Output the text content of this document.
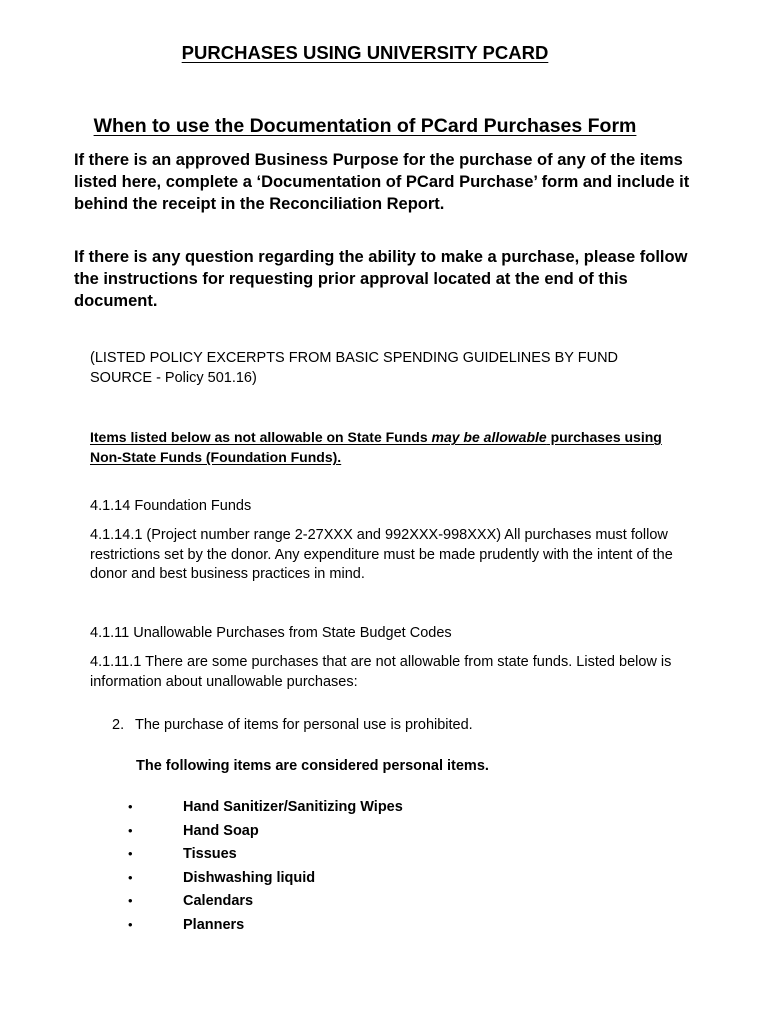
PURCHASES USING UNIVERSITY PCARD
When to use the Documentation of PCard Purchases Form
If there is an approved Business Purpose for the purchase of any of the items listed here, complete a ‘Documentation of PCard Purchase’ form and include it behind the receipt in the Reconciliation Report.
If there is any question regarding the ability to make a purchase, please follow the instructions for requesting prior approval located at the end of this document.
(LISTED POLICY EXCERPTS FROM BASIC SPENDING GUIDELINES BY FUND SOURCE - Policy 501.16)
Items listed below as not allowable on State Funds may be allowable purchases using Non-State Funds (Foundation Funds).
4.1.14 Foundation Funds
4.1.14.1 (Project number range 2-27XXX and 992XXX-998XXX) All purchases must follow restrictions set by the donor. Any expenditure must be made prudently with the intent of the donor and best business practices in mind.
4.1.11 Unallowable Purchases from State Budget Codes
4.1.11.1 There are some purchases that are not allowable from state funds. Listed below is information about unallowable purchases:
2. The purchase of items for personal use is prohibited.
The following items are considered personal items.
•	Hand Sanitizer/Sanitizing Wipes
•	Hand Soap
•	Tissues
•	Dishwashing liquid
•	Calendars
•	Planners
